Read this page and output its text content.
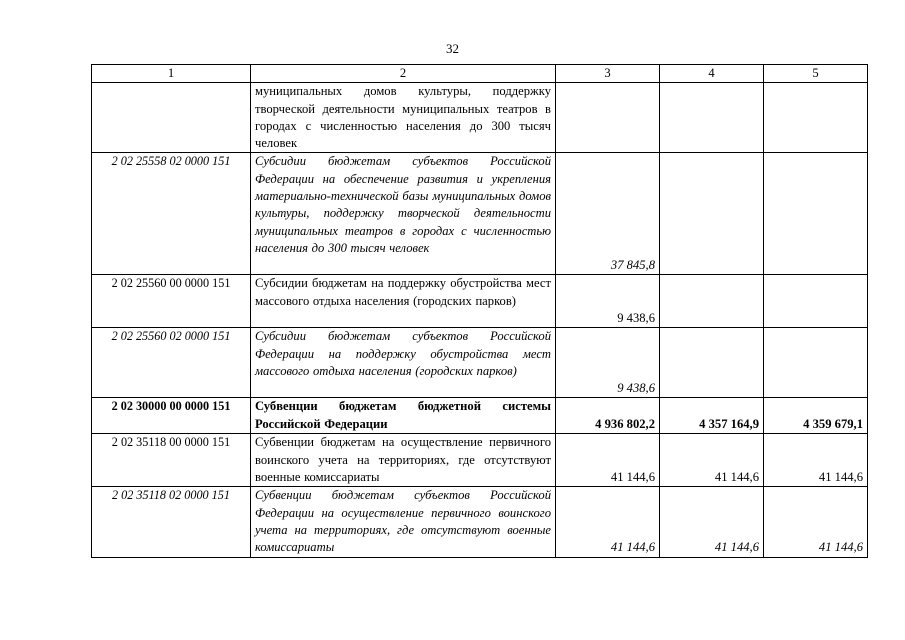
32
1	2	3	4	5
	муниципальных домов культуры, поддержку творческой деятельности муниципальных театров в городах с численностью населения до 300 тысяч человек			
2 02 25558 02 0000 151	Субсидии бюджетам субъектов Российской Федерации на обеспечение развития и укрепления материально-технической базы муниципальных домов культуры, поддержку творческой деятельности муниципальных театров в городах с численностью населения до 300 тысяч человек	37 845,8		
2 02 25560 00 0000 151	Субсидии бюджетам на поддержку обустройства мест массового отдыха населения (городских парков)	9 438,6		
2 02 25560 02 0000 151	Субсидии бюджетам субъектов Российской Федерации на поддержку обустройства мест массового отдыха населения (городских парков)	9 438,6		
2 02 30000 00 0000 151	Субвенции бюджетам бюджетной системы Российской Федерации	4 936 802,2	4 357 164,9	4 359 679,1
2 02 35118 00 0000 151	Субвенции бюджетам на осуществление первичного воинского учета на территориях, где отсутствуют военные комиссариаты	41 144,6	41 144,6	41 144,6
2 02 35118 02 0000 151	Субвенции бюджетам субъектов Российской Федерации на осуществление первичного воинского учета на территориях, где отсутствуют военные комиссариаты	41 144,6	41 144,6	41 144,6
